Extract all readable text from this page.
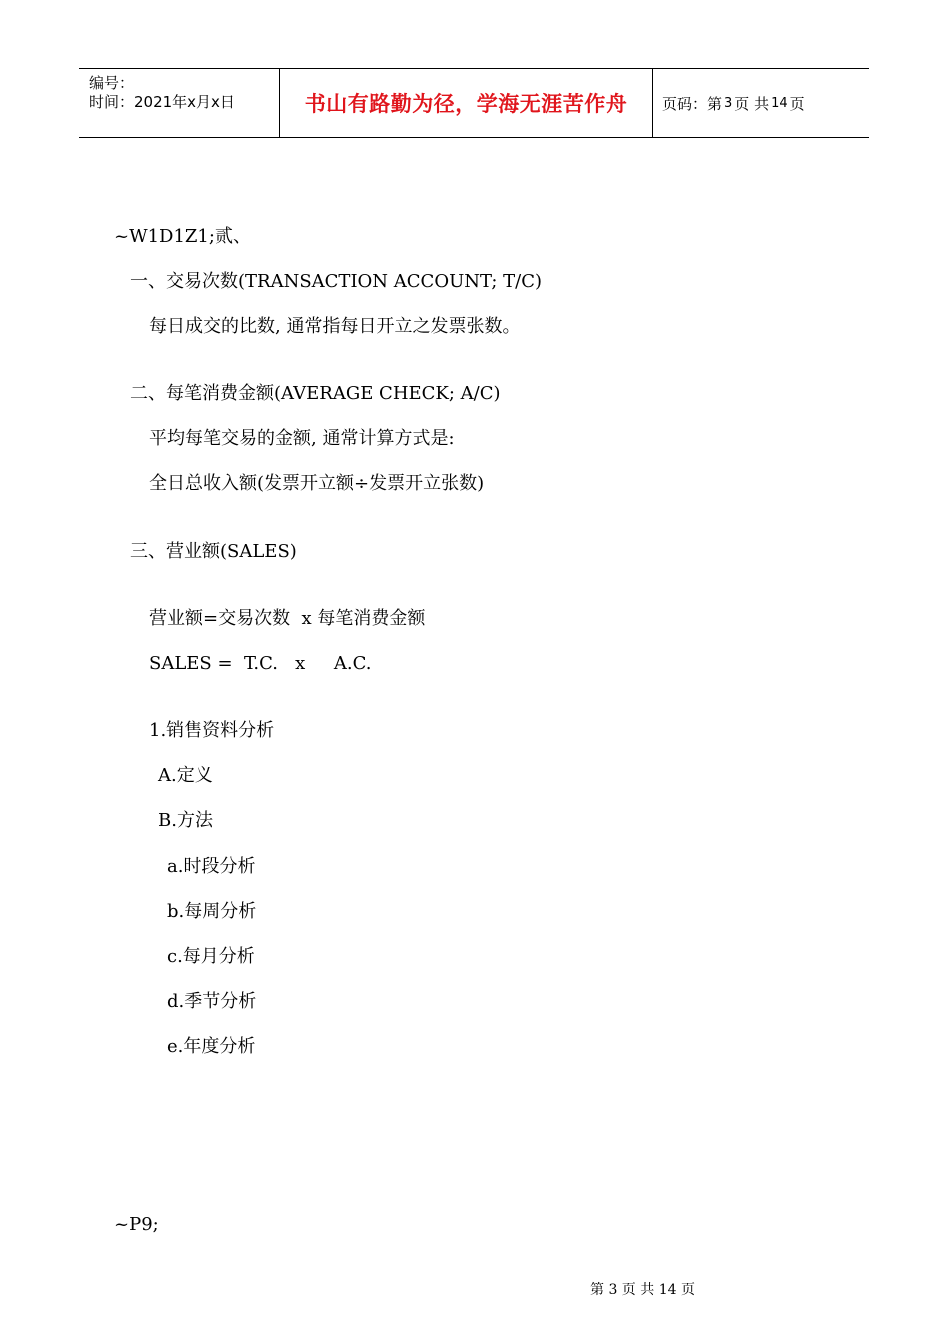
编号：
时间：2021年x月x日	书山有路勤为径，学海无涯苦作舟 页码：第 3 页 共 14 页
~W1D1Z1;贰、
一、交易次数(TRANSACTION ACCOUNT; T/C)
每日成交的比数, 通常指每日开立之发票张数。
二、每笔消费金额(AVERAGE CHECK; A/C)
平均每笔交易的金额, 通常计算方式是:
全日总收入额(发票开立额÷发票开立张数)
三、营业额(SALES)
营业额=交易次数  x 每笔消费金额
SALES =  T.C.   x     A.C.
1.销售资料分析
A.定义
B.方法
a.时段分析
b.每周分析
c.每月分析
d.季节分析
e.年度分析
~P9;
第 3 页 共 14 页
